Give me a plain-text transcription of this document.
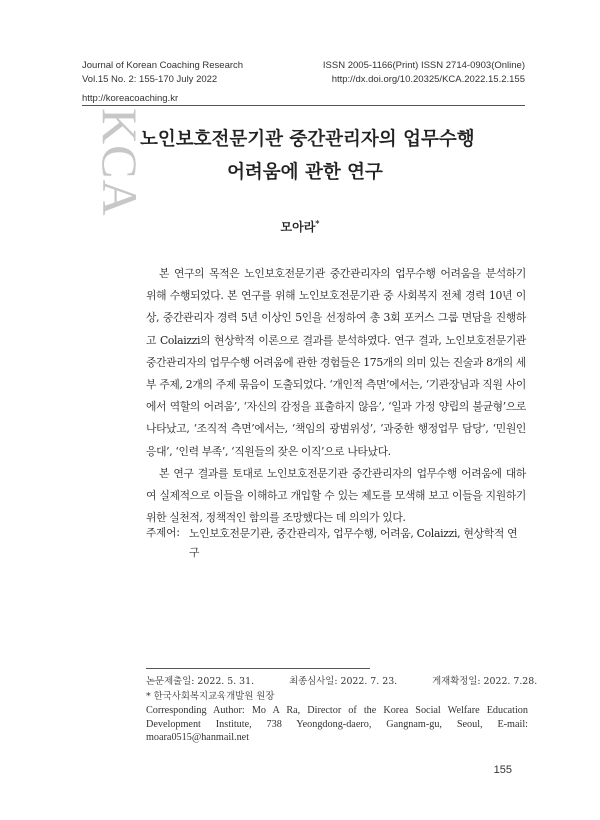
Journal of Korean Coaching Research
Vol.15 No. 2: 155-170 July 2022
ISSN 2005-1166(Print) ISSN 2714-0903(Online)
http://dx.doi.org/10.20325/KCA.2022.15.2.155
http://koreacoaching.kr
KCA
노인보호전문기관 중간관리자의 업무수행
어려움에 관한 연구
모아라*

본 연구의 목적은 노인보호전문기관 중간관리자의 업무수행 어려움을 분석하기 위해 수행되었다. 본 연구를 위해 노인보호전문기관 중 사회복지 전체 경력 10년 이상, 중간관리자 경력 5년 이상인 5인을 선정하여 총 3회 포커스 그룹 면담을 진행하고 Colaizzi의 현상학적 이론으로 결과를 분석하였다. 연구 결과, 노인보호전문기관 중간관리자의 업무수행 어려움에 관한 경험들은 175개의 의미 있는 진술과 8개의 세부 주제, 2개의 주제 묶음이 도출되었다. ‘개인적 측면’에서는, ‘기관장님과 직원 사이에서 역할의 어려움’, ‘자신의 감정을 표출하지 않음’, ‘일과 가정 양립의 불균형’으로 나타났고, ‘조직적 측면’에서는, ‘책임의 광범위성’, ‘과중한 행정업무 담당’, ‘민원인 응대’, ‘인력 부족’, ‘직원들의 잦은 이직’으로 나타났다.

본 연구 결과를 토대로 노인보호전문기관 중간관리자의 업무수행 어려움에 대하여 실제적으로 이들을 이해하고 개입할 수 있는 제도를 모색해 보고 이들을 지원하기 위한 실천적, 정책적인 함의를 조망했다는 데 의의가 있다.

주제어: 노인보호전문기관, 중간관리자, 업무수행, 어려움, Colaizzi, 현상학적 연구
논문제출일: 2022. 5. 31.	최종심사일: 2022. 7. 23.	게재확정일: 2022. 7.28.
* 한국사회복지교육개발원 원장
Corresponding Author: Mo A Ra, Director of the Korea Social Welfare Education Development Institute, 738 Yeongdong-daero, Gangnam-gu, Seoul, E-mail: moara0515@hanmail.net
155
